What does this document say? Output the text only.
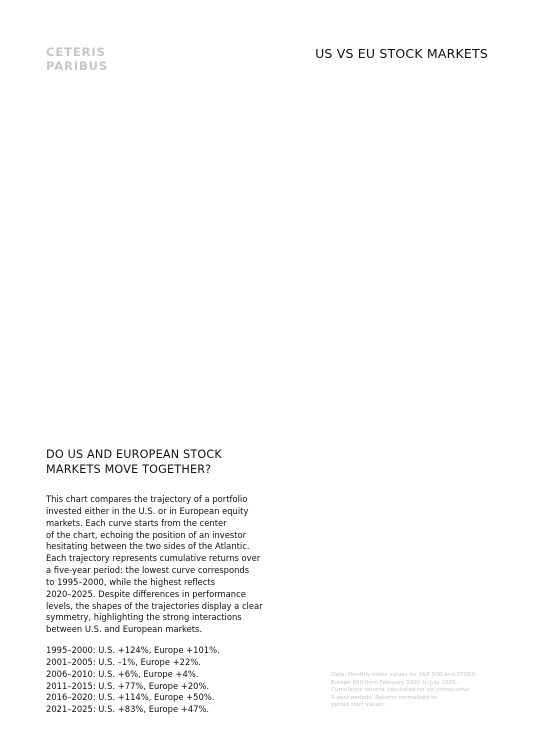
CETERIS
PARIBUS
US VS EU STOCK MARKETS
DO US AND EUROPEAN STOCK
MARKETS MOVE TOGETHER?
This chart compares the trajectory of a portfolio
invested either in the U.S. or in European equity
markets. Each curve starts from the center
of the chart, echoing the position of an investor
hesitating between the two sides of the Atlantic.
Each trajectory represents cumulative returns over
a five-year period: the lowest curve corresponds
to 1995–2000, while the highest reflects
2020–2025. Despite differences in performance
levels, the shapes of the trajectories display a clear
symmetry, highlighting the strong interactions
between U.S. and European markets.
1995–2000: U.S. +124%, Europe +101%.
2001–2005: U.S. –1%, Europe +22%.
2006–2010: U.S. +6%, Europe +4%.
2011–2015: U.S. +77%, Europe +20%.
2016–2020: U.S. +114%, Europe +50%.
2021–2025: U.S. +83%, Europe +47%.
Data: Monthly index values for S&P 500 and STOXX
Europe 600 from February 1992 to July 2025.
Cumulative returns calculated for six consecutive
5-year periods. Returns normalized to
period start values.
